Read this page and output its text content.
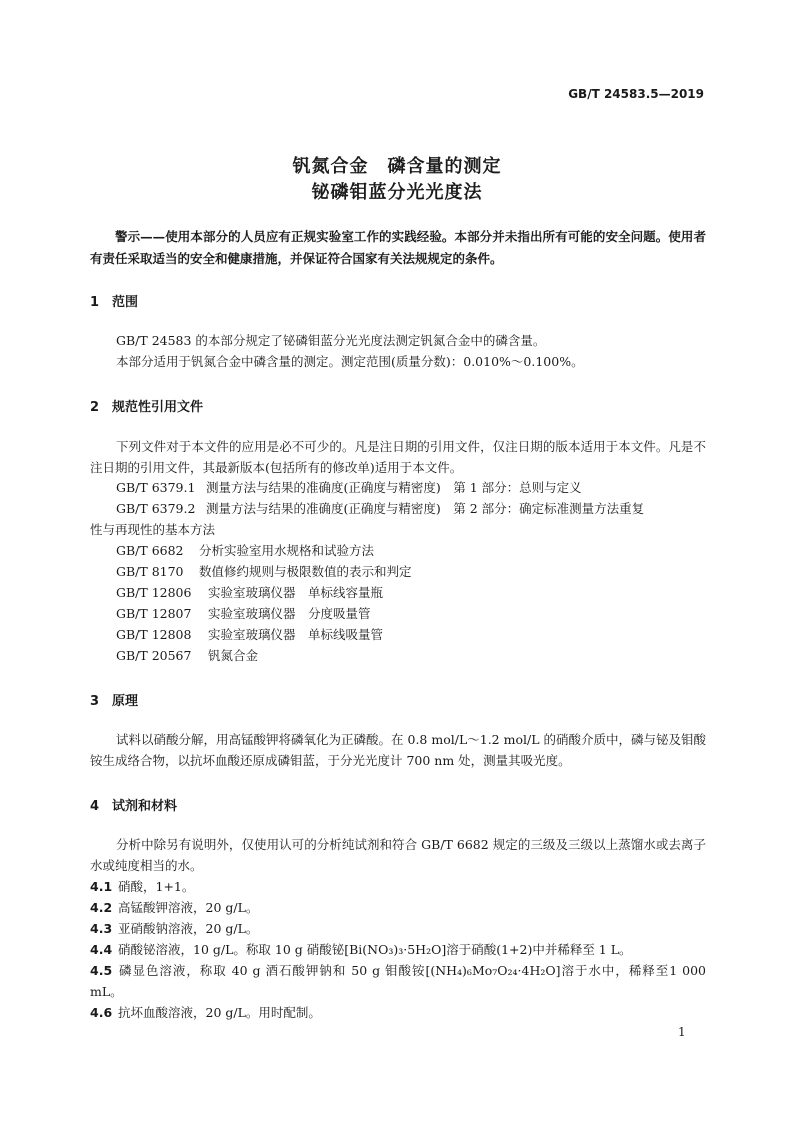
GB/T 24583.5—2019
钒氮合金　磷含量的测定
铋磷钼蓝分光光度法
警示——使用本部分的人员应有正规实验室工作的实践经验。本部分并未指出所有可能的安全问题。使用者有责任采取适当的安全和健康措施，并保证符合国家有关法规规定的条件。
1 范围
GB/T 24583 的本部分规定了铋磷钼蓝分光光度法测定钒氮合金中的磷含量。
本部分适用于钒氮合金中磷含量的测定。测定范围(质量分数)：0.010%～0.100%。
2 规范性引用文件
下列文件对于本文件的应用是必不可少的。凡是注日期的引用文件，仅注日期的版本适用于本文件。凡是不注日期的引用文件，其最新版本(包括所有的修改单)适用于本文件。
GB/T 6379.1 测量方法与结果的准确度(正确度与精密度)　第 1 部分：总则与定义
GB/T 6379.2 测量方法与结果的准确度(正确度与精密度)　第 2 部分：确定标准测量方法重复
性与再现性的基本方法
GB/T 6682 分析实验室用水规格和试验方法
GB/T 8170 数值修约规则与极限数值的表示和判定
GB/T 12806 实验室玻璃仪器　单标线容量瓶
GB/T 12807 实验室玻璃仪器　分度吸量管
GB/T 12808 实验室玻璃仪器　单标线吸量管
GB/T 20567 钒氮合金
3 原理
试料以硝酸分解，用高锰酸钾将磷氧化为正磷酸。在 0.8 mol/L～1.2 mol/L 的硝酸介质中，磷与铋及钼酸铵生成络合物，以抗坏血酸还原成磷钼蓝，于分光光度计 700 nm 处，测量其吸光度。
4 试剂和材料
分析中除另有说明外，仅使用认可的分析纯试剂和符合 GB/T 6682 规定的三级及三级以上蒸馏水或去离子水或纯度相当的水。
4.1 硝酸，1+1。
4.2 高锰酸钾溶液，20 g/L。
4.3 亚硝酸钠溶液，20 g/L。
4.4 硝酸铋溶液，10 g/L。称取 10 g 硝酸铋[Bi(NO₃)₃·5H₂O]溶于硝酸(1+2)中并稀释至 1 L。
4.5 磷显色溶液，称取 40 g 酒石酸钾钠和 50 g 钼酸铵[(NH₄)₆Mo₇O₂₄·4H₂O]溶于水中，稀释至1 000 mL。
4.6 抗坏血酸溶液，20 g/L。用时配制。
1
